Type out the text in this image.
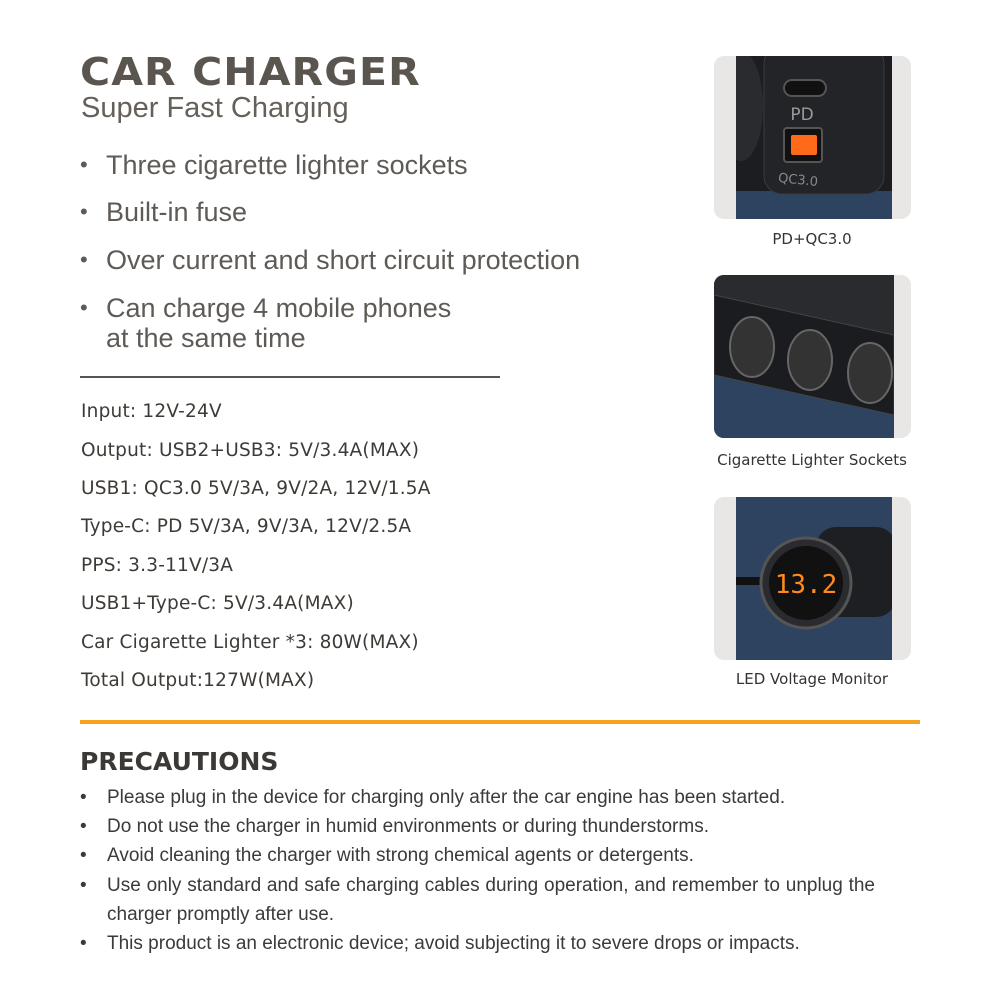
CAR CHARGER
Super Fast Charging
• Three cigarette lighter sockets
• Built-in fuse
• Over current and short circuit protection
• Can charge 4 mobile phones
at the same time
Input: 12V-24V
Output: USB2+USB3: 5V/3.4A(MAX)
USB1: QC3.0 5V/3A, 9V/2A, 12V/1.5A
Type-C: PD 5V/3A, 9V/3A, 12V/2.5A
PPS: 3.3-11V/3A
USB1+Type-C: 5V/3.4A(MAX)
Car Cigarette Lighter *3: 80W(MAX)
Total Output:127W(MAX)
PD
QC3.0
PD+QC3.0
Cigarette Lighter Sockets
13.2
LED Voltage Monitor
PRECAUTIONS
• Please plug in the device for charging only after the car engine has been started.
• Do not use the charger in humid environments or during thunderstorms.
• Avoid cleaning the charger with strong chemical agents or detergents.
• Use only standard and safe charging cables during operation, and remember to unplug the charger promptly after use.
• This product is an electronic device; avoid subjecting it to severe drops or impacts.
